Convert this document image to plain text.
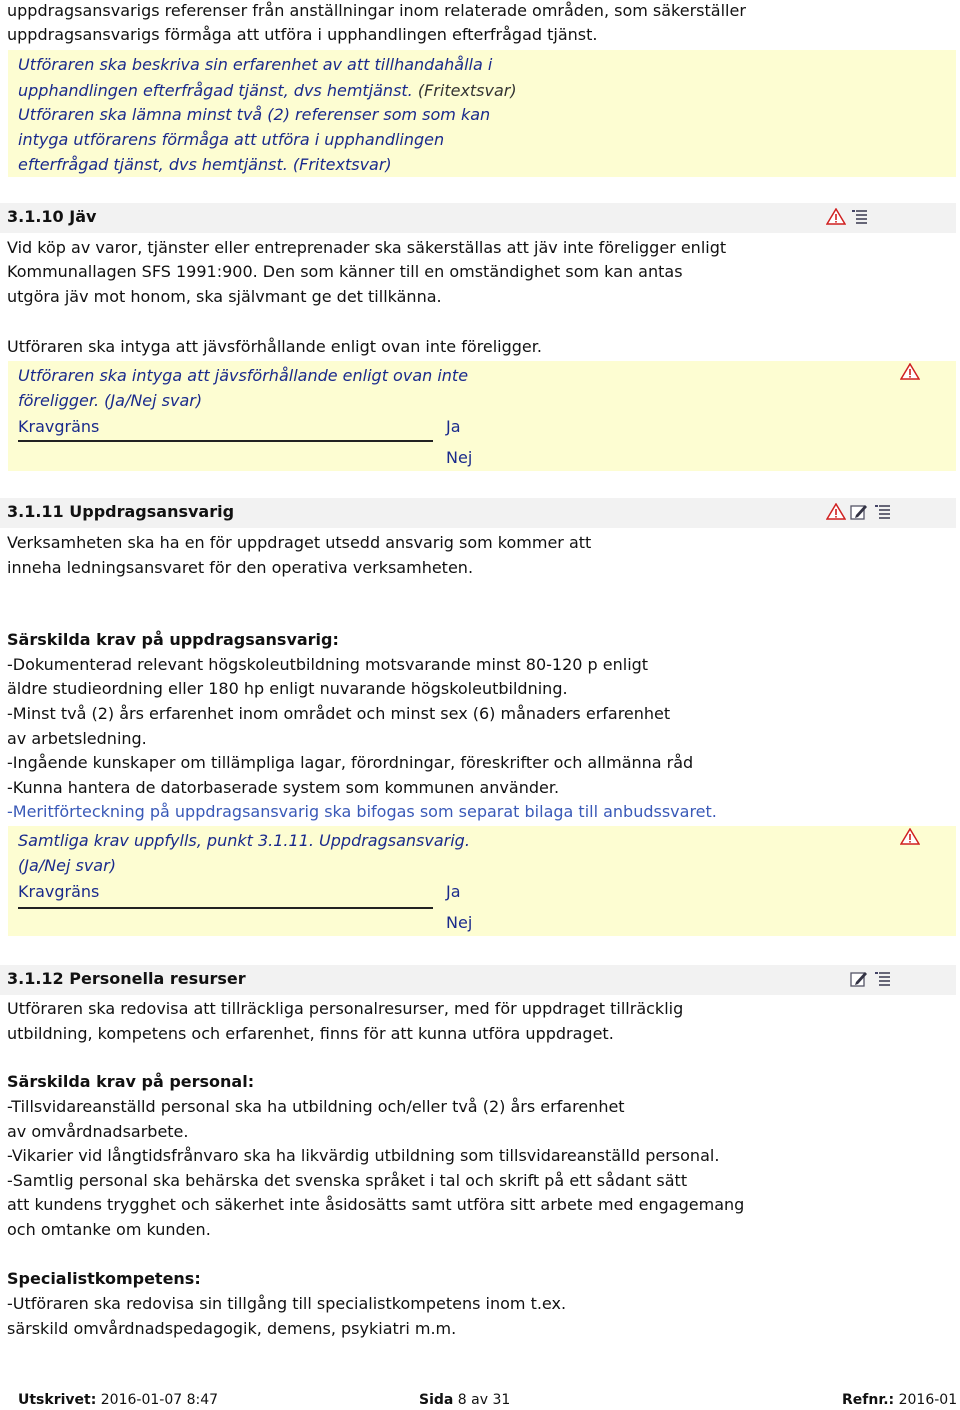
uppdragsansvarigs referenser från anställningar inom relaterade områden, som säkerställer
uppdragsansvarigs förmåga att utföra i upphandlingen efterfrågad tjänst.
Utföraren ska beskriva sin erfarenhet av att tillhandahålla i
upphandlingen efterfrågad tjänst, dvs hemtjänst. (Fritextsvar)
Utföraren ska lämna minst två (2) referenser som som kan
intyga utförarens förmåga att utföra i upphandlingen
efterfrågad tjänst, dvs hemtjänst. (Fritextsvar)
3.1.10 Jäv
Vid köp av varor, tjänster eller entreprenader ska säkerställas att jäv inte föreligger enligt
Kommunallagen SFS 1991:900. Den som känner till en omständighet som kan antas
utgöra jäv mot honom, ska självmant ge det tillkänna.
Utföraren ska intyga att jävsförhållande enligt ovan inte föreligger.
Utföraren ska intyga att jävsförhållande enligt ovan inte
föreligger. (Ja/Nej svar)
Kravgräns	Ja
Nej
3.1.11 Uppdragsansvarig
Verksamheten ska ha en för uppdraget utsedd ansvarig som kommer att
inneha ledningsansvaret för den operativa verksamheten.
Särskilda krav på uppdragsansvarig:
-Dokumenterad relevant högskoleutbildning motsvarande minst 80-120 p enligt
äldre studieordning eller 180 hp enligt nuvarande högskoleutbildning.
-Minst två (2) års erfarenhet inom området och minst sex (6) månaders erfarenhet
av arbetsledning.
-Ingående kunskaper om tillämpliga lagar, förordningar, föreskrifter och allmänna råd
-Kunna hantera de datorbaserade system som kommunen använder.
-Meritförteckning på uppdragsansvarig ska bifogas som separat bilaga till anbudssvaret.
Samtliga krav uppfylls, punkt 3.1.11. Uppdragsansvarig.
(Ja/Nej svar)
Kravgräns	Ja
Nej
3.1.12 Personella resurser
Utföraren ska redovisa att tillräckliga personalresurser, med för uppdraget tillräcklig
utbildning, kompetens och erfarenhet, finns för att kunna utföra uppdraget.
Särskilda krav på personal:
-Tillsvidareanställd personal ska ha utbildning och/eller två (2) års erfarenhet
av omvårdnadsarbete.
-Vikarier vid långtidsfrånvaro ska ha likvärdig utbildning som tillsvidareanställd personal.
-Samtlig personal ska behärska det svenska språket i tal och skrift på ett sådant sätt
att kundens trygghet och säkerhet inte åsidosätts samt utföra sitt arbete med engagemang
och omtanke om kunden.
Specialistkompetens:
-Utföraren ska redovisa sin tillgång till specialistkompetens inom t.ex.
särskild omvårdnadspedagogik, demens, psykiatri m.m.
Utskrivet: 2016-01-07 8:47	Sida 8 av 31	Refnr.: 2016-01
